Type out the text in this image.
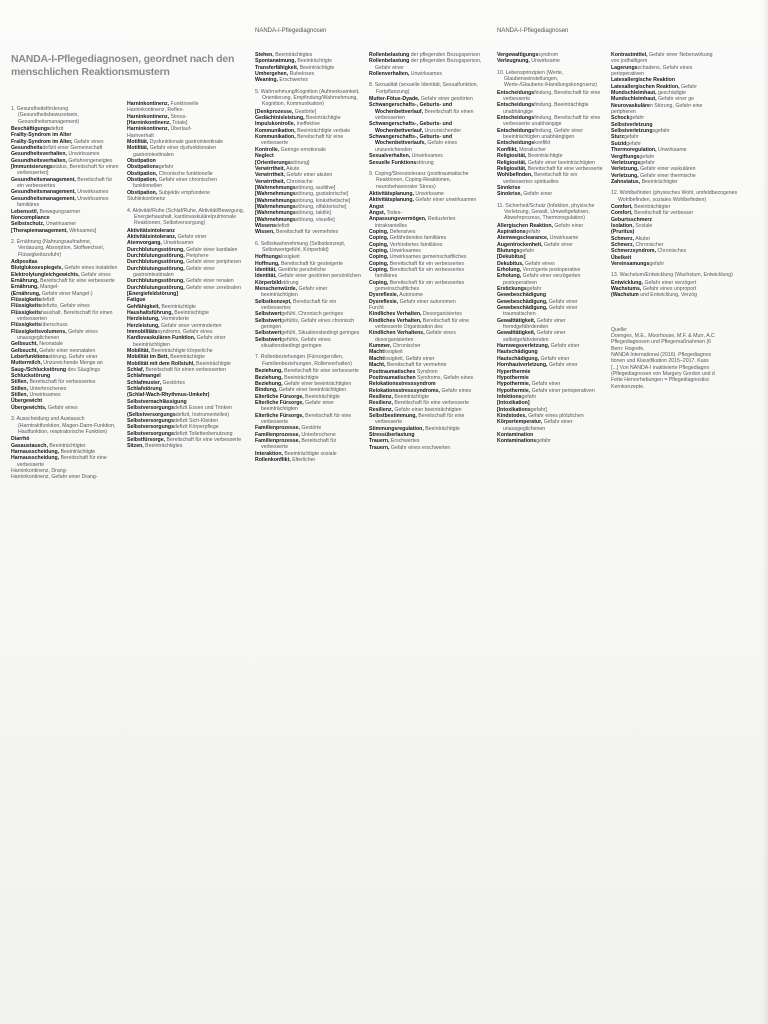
NANDA-I-Pflegediagnosen	NANDA-I-Pflegediagnosen
NANDA-I-Pflegediagnosen, geordnet nach den menschlichen Reaktionsmustern
1. Gesundheitsförderung (Gesundheitsbewusstsein, Gesundheitsmanagement)
Beschäftigungsdefizit
Frailty-Syndrom im Alter
Frailty-Syndrom im Alter, Gefahr eines
Gesundheitsdefizit einer Gemeinschaft
Gesundheitsverhalten, Unwirksames
Gesundheitsverhalten, Gefahrengeneigtes
[Immunisierungsstatus, Bereitschaft für einen verbesserten]
Gesundheitsmanagement, Bereitschaft für ein verbessertes
Gesundheitsmanagement, Unwirksames
Gesundheitsmanagement, Unwirksames familiäres
Lebensstil, Bewegungsarmer
Noncompliance
Selbstschutz, Unwirksamer
[Therapiemanagement, Wirksames]
2. Ernährung (Nahrungsaufnahme, Verdauung, Absorption, Stoffwechsel, Flüssigkeitszufuhr)
Adipositas
Blutglukosespiegels, Gefahr eines instabilen
Elektrolytungleichgewichts, Gefahr eines
Ernährung, Bereitschaft für eine verbesserte
Ernährung, Mangel-
(Ernährung, Gefahr einer Mangel-)
Flüssigkeitsdefizit
Flüssigkeitsdefizits, Gefahr eines
Flüssigkeitshaushalt, Bereitschaft für einen verbesserten
Flüssigkeitsüberschuss
Flüssigkeitsvolumens, Gefahr eines unausgeglichenen
Gelbsucht, Neonatale
Gelbsucht, Gefahr einer neonatalen
Leberfunktionsstörung, Gefahr einer
Muttermilch, Unzureichende Menge an
Saug-/Schluckstörung des Säuglings
Schluckstörung
Stillen, Bereitschaft für verbessertes
Stillen, Unterbrochenes
Stillen, Unwirksames
Übergewicht
Übergewichts, Gefahr eines
3. Ausscheidung und Austausch (Harntraktfunktion, Magen-Darm-Funktion, Hautfunktion, respiratorische Funktion)
Diarrhö
Gasaustausch, Beeinträchtigter
Harnausscheidung, Beeinträchtigte
Harnausscheidung, Bereitschaft für eine verbesserte
Harninkontinenz, Drang-
Harninkontinenz, Gefahr einer Drang-
Harninkontinenz, Funktionelle
Harninkontinenz, Reflex-
Harninkontinenz, Stress-
[Harninkontinenz, Totale]
Harninkontinenz, Überlauf-
Harnverhalt
Motilität, Dysfunktionale gastrointestinale
Motilität, Gefahr einer dysfunktionalen gastrointestinalen
Obstipation
Obstipationsgefahr
Obstipation, Chronische funktionelle
Obstipation, Gefahr einer chronischen funktionellen
Obstipation, Subjektiv empfundene
Stuhlinkontinenz
4. Aktivität/Ruhe (Schlaf/Ruhe, Aktivität/Bewegung, Energiehaushalt, kardiovaskuläre/pulmonale Reaktionen, Selbstversorgung)
Aktivitätsintoleranz
Aktivitätsintoleranz, Gefahr einer
Atemvorgang, Unwirksamer
Durchblutungsstörung, Gefahr einer kardialen
Durchblutungsstörung, Periphere
Durchblutungsstörung, Gefahr einer peripheren
Durchblutungsstörung, Gefahr einer gastrointestinalen
Durchblutungsstörung, Gefahr einer renalen
Durchblutungsstörung, Gefahr einer zerebralen
[Energiefeldstörung]
Fatigue
Gehfähigkeit, Beeinträchtigte
Haushaltsführung, Beeinträchtigte
Herzleistung, Verminderte
Herzleistung, Gefahr einer verminderten
Immobilitätssyndroms, Gefahr eines
Kardiovaskulären Funktion, Gefahr einer beeinträchtigten
Mobilität, Beeinträchtigte körperliche
Mobilität im Bett, Beeinträchtigte
Mobilität mit dem Rollstuhl, Beeinträchtigte
Schlaf, Bereitschaft für einen verbesserten
Schlafmangel
Schlafmuster, Gestörtes
Schlafstörung
(Schlaf-Wach-Rhythmus-Umkehr)
Selbstvernachlässigung
Selbstversorgungsdefizit Essen und Trinken
(Selbstversorgungsdefizit, Instrumentelles)
Selbstversorgungsdefizit Sich-Kleiden
Selbstversorgungsdefizit Körperpflege
Selbstversorgungsdefizit Toilettenbenutzung
Selbstfürsorge, Bereitschaft für eine verbesserte
Sitzen, Beeinträchtigtes
Stehen, Beeinträchtigtes
Spontanatmung, Beeinträchtigte
Transferfähigkeit, Beeinträchtigte
Umhergehen, Ruheloses
Weaning, Erschwertes
5. Wahrnehmung/Kognition (Aufmerksamkeit, Orientierung, Empfindung/Wahrnehmung, Kognition, Kommunikation)
[Denkprozesse, Gestörte]
Gedächtnisleistung, Beeinträchtigte
Impulskontrolle, Ineffektive
Kommunikation, Beeinträchtigte verbale
Kommunikation, Bereitschaft für eine verbesserte
Kontrolle, Geringe emotionale
Neglect
[Orientierungsstörung]
Verwirrtheit, Akute
Verwirrtheit, Gefahr einer akuten
Verwirrtheit, Chronische
[Wahrnehmungsstörung, auditive]
[Wahrnehmungsstörung, gustatorische]
[Wahrnehmungsstörung, kinästhetische]
[Wahrnehmungsstörung, olfaktorische]
[Wahrnehmungsstörung, taktile]
[Wahrnehmungsstörung, visuelle]
Wissensdefizit
Wissen, Bereitschaft für vermehrtes
6. Selbstwahrnehmung (Selbstkonzept, Selbstwertgefühl, Körperbild)
Hoffnungslosigkeit
Hoffnung, Bereitschaft für gesteigerte
Identität, Gestörte persönliche
Identität, Gefahr einer gestörten persönlichen
Körperbildstörung
Menschenwürde, Gefahr einer beeinträchtigten
Selbstkonzept, Bereitschaft für ein verbessertes
Selbstwertgefühl, Chronisch geringes
Selbstwertgefühls, Gefahr eines chronisch geringen
Selbstwertgefühl, Situationsbedingt geringes
Selbstwertgefühls, Gefahr eines situationsbedingt geringen
7. Rollenbeziehungen (Fürsorgerollen, Familienbeziehungen, Rollenverhalten)
Beziehung, Bereitschaft für eine verbesserte
Beziehung, Beeinträchtigte
Beziehung, Gefahr einer beeinträchtigten
Bindung, Gefahr einer beeinträchtigten
Elterliche Fürsorge, Beeinträchtigte
Elterliche Fürsorge, Gefahr einer beeinträchtigten
Elterliche Fürsorge, Bereitschaft für eine verbesserte
Familienprozesse, Gestörte
Familienprozesse, Unterbrochene
Familienprozesse, Bereitschaft für verbesserte
Interaktion, Beeinträchtigte soziale
Rollenkonflikt, Elterlicher
Rollenbelastung der pflegenden Bezugsperson
Rollenbelastung der pflegenden Bezugsperson, Gefahr einer
Rollenverhalten, Unwirksames
8. Sexualität (sexuelle Identität, Sexualfunktion, Fortpflanzung)
Mutter-Fötus-Dyade, Gefahr einer gestörten
Schwangerschafts-, Geburts- und Wochenbettverlauf, Bereitschaft für einen verbesserten
Schwangerschafts-, Geburts- und Wochenbettverlauf, Unzureichender
Schwangerschafts-, Geburts- und Wochenbettverlaufs, Gefahr eines unzureichenden
Sexualverhalten, Unwirksames
Sexuelle Funktionsstörung
9. Coping/Stresstoleranz (posttraumatische Reaktionen, Coping-Reaktionen, neurobehavioraler Stress)
Aktivitätsplanung, Unwirksame
Aktivitätsplanung, Gefahr einer unwirksamen
Angst
Angst, Todes-
Anpassungsvermögen, Reduziertes intrakranielles
Coping, Defensives
Coping, Gefährdendes familiäres
Coping, Verhindertes familiäres
Coping, Unwirksames
Coping, Unwirksames gemeinschaftliches
Coping, Bereitschaft für ein verbessertes
Coping, Bereitschaft für ein verbessertes familiäres
Coping, Bereitschaft für ein verbessertes gemeinschaftliches
Dysreflexie, Autonome
Dysreflexie, Gefahr einer autonomen
Furcht
Kindliches Verhalten, Desorganisiertes
Kindliches Verhalten, Bereitschaft für eine verbesserte Organisation des
Kindlichen Verhaltens, Gefahr eines desorganisierten
Kummer, Chronischer
Machtlosigkeit
Machtlosigkeit, Gefahr einer
Macht, Bereitschaft für vermehrte
Posttraumatisches Syndrom
Posttraumatischen Syndroms, Gefahr eines
Relokationsstresssyndrom
Relokationsstresssyndroms, Gefahr eines
Resilienz, Beeinträchtigte
Resilienz, Bereitschaft für eine verbesserte
Resilienz, Gefahr einer beeinträchtigten
Selbstbestimmung, Bereitschaft für eine verbesserte
Stimmungsregulation, Beeinträchtigte
Stressüberlastung
Trauern, Erschwertes
Trauern, Gefahr eines erschwerten
Vergewaltigungssyndrom
Verleugnung, Unwirksame
10. Lebensprinzipien (Werte, Glaubenseinstellungen, Werte-/Glaubens-/Handlungskongruenz)
Entscheidungsfindung, Bereitschaft für eine verbesserte
Entscheidungsfindung, Beeinträchtigte unabhängige
Entscheidungsfindung, Bereitschaft für eine verbesserte unabhängige
Entscheidungsfindung, Gefahr einer beeinträchtigten unabhängigen
Entscheidungskonflikt
Konflikt, Moralischer
Religiosität, Beeinträchtigte
Religiosität, Gefahr einer beeinträchtigten
Religiosität, Bereitschaft für eine verbesserte
Wohlbefinden, Bereitschaft für ein verbessertes spirituelles
Sinnkrise
Sinnkrise, Gefahr einer
11. Sicherheit/Schutz (Infektion, physische Verletzung, Gewalt, Umweltgefahren, Abwehrprozess, Thermoregulation)
Allergischen Reaktion, Gefahr einer
Aspirationsgefahr
Atemwegsclearance, Unwirksame
Augentrockenheit, Gefahr einer
Blutungsgefahr
[Dekubitus]
Dekubitus, Gefahr eines
Erholung, Verzögerte postoperative
Erholung, Gefahr einer verzögerten postoperativen
Erstickungsgefahr
Gewebeschädigung
Gewebeschädigung, Gefahr einer
Gewebeschädigung, Gefahr einer traumatischen
Gewalttätigkeit, Gefahr einer fremdgefährdenden
Gewalttätigkeit, Gefahr einer selbstgefährdenden
Harnwegsverletzung, Gefahr einer
Hautschädigung
Hautschädigung, Gefahr einer
Hornhautverletzung, Gefahr einer
Hyperthermie
Hypothermie
Hypothermie, Gefahr einer
Hypothermie, Gefahr einer perioperativen
Infektionsgefahr
[Intoxikation]
[Intoxikationsgefahr]
Kindstodes, Gefahr eines plötzlichen
Körpertemperatur, Gefahr einer unausgeglichenen
Kontamination
Kontaminationsgefahr
Kontrastmittel, Gefahr einer Nebenwirkung
von jodhaltigem
Lagerungsschadens, Gefahr eines
perioperativen
Latexallergische Reaktion
Latexallergischen Reaktion, Gefahr
Mundschleimhaut, geschädigte
Mundschleimhaut, Gefahr einer ge
Neurovaskulären Störung, Gefahr eine
peripheren
Schockgefahr
Selbstverletzung
Selbstverletzungsgefahr
Sturzgefahr
Suizidgefahr
Thermoregulation, Unwirksame
Vergiftungsgefahr
Verletzungsgefahr
Verletzung, Gefahr einer vaskulären
Verletzung, Gefahr einer thermische
Zahnstatus, Beeinträchtigter
12. Wohlbefinden (physisches Wohl, umfeldbezogenes Wohlbefinden, soziales Wohlbefinden)
Comfort, Beeinträchtigter
Comfort, Bereitschaft für verbesser
Geburtsschmerz
Isolation, Soziale
(Pruritus)
Schmerz, Akuter
Schmerz, Chronischer
Schmerzsyndrom, Chronisches
Übelkeit
Vereinsamungsgefahr
13. Wachstum/Entwicklung (Wachstum, Entwicklung)
Entwicklung, Gefahr einer verzögert
Wachstums, Gefahr eines unproport
(Wachstum und Entwicklung, Verzög
Quelle:
Doenges, M.E., Moorhouse, M.F. & Murr, A.C
Pflegediagnosen und Pflegemaßnahmen (6
Bern: Hogrefe.
NANDA International (2016). Pflegediagnos
tionen und Klassifikation 2015–2017. Kass
[...] Von NANDA-I inaktivierte Pflegediagno
(Pflegediagnosen von Margery Gordon und d
Fette Hervorhebungen = Pflegediagnostisc
Kernkonzepte.
